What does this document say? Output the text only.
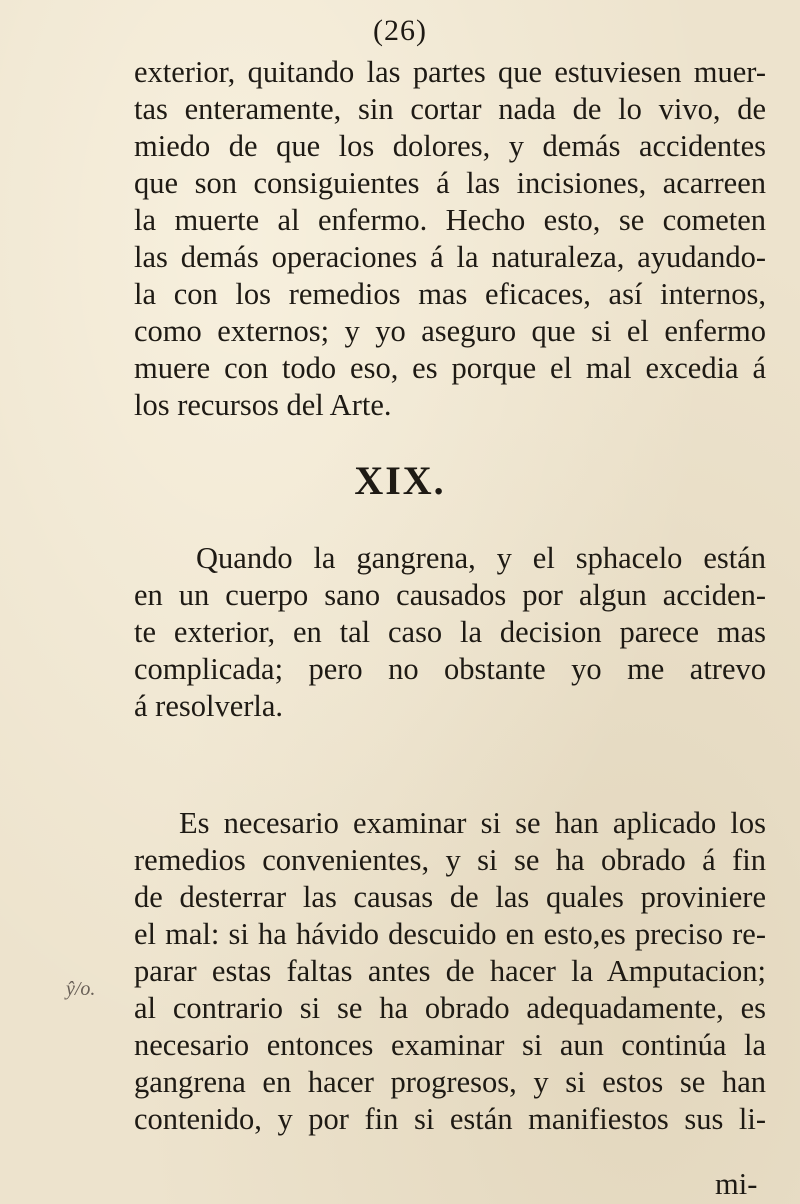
(26)
exterior, quitando las partes que estuviesen muer-
tas enteramente, sin cortar nada de lo vivo, de
miedo de que los dolores, y demás accidentes
que son consiguientes á las incisiones, acarreen
la muerte al enfermo. Hecho esto, se cometen
las demás operaciones á la naturaleza, ayudando-
la con los remedios mas eficaces, así internos,
como externos; y yo aseguro que si el enfermo
muere con todo eso, es porque el mal excedia á
los recursos del Arte.
XIX.
Quando la gangrena, y el sphacelo están
en un cuerpo sano causados por algun acciden-
te exterior, en tal caso la decision parece mas
complicada; pero no obstante yo me atrevo
á resolverla.
Es necesario examinar si se han aplicado los
remedios convenientes, y si se ha obrado á fin
de desterrar las causas de las quales proviniere
el mal: si ha hávido descuido en esto,es preciso re-
parar estas faltas antes de hacer la Amputacion;
al contrario si se ha obrado adequadamente, es
necesario entonces examinar si aun continúa la
gangrena en hacer progresos, y si estos se han
contenido, y por fin si están manifiestos sus li-
ŷ/o.
mi-
